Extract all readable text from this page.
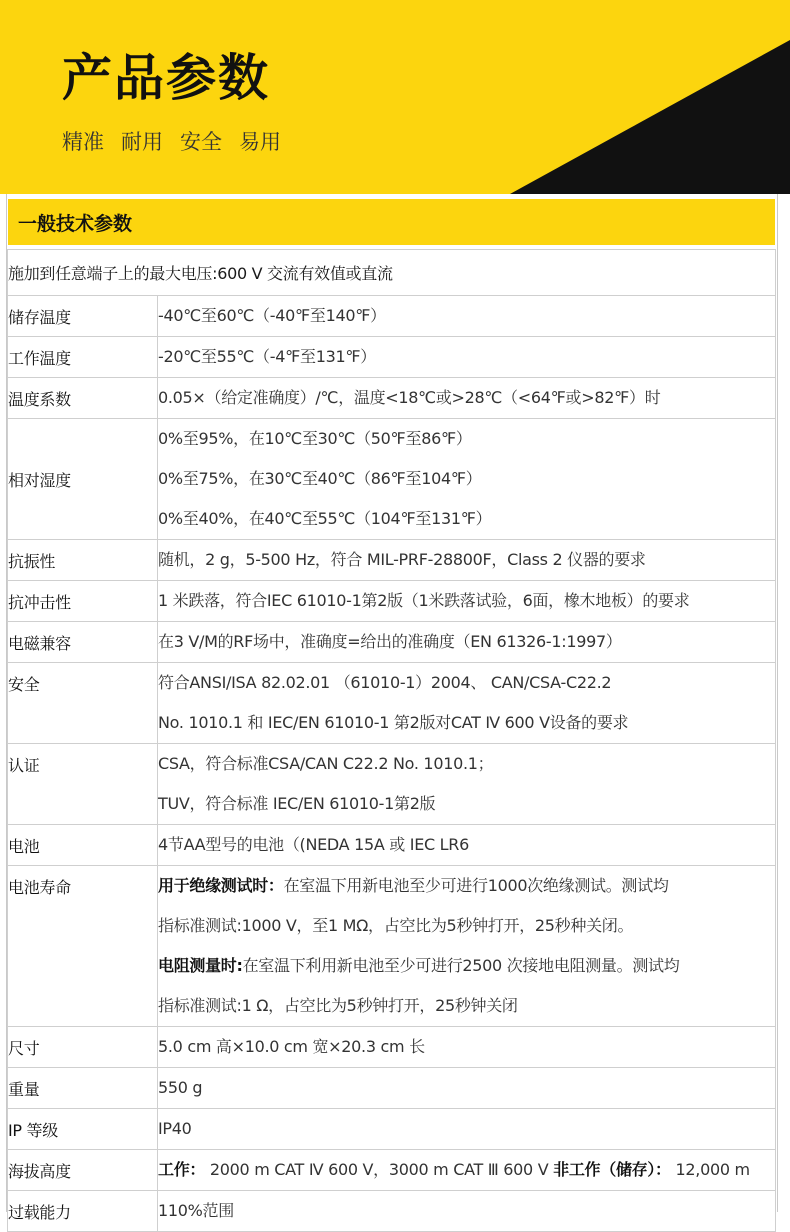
产品参数
精准 耐用 安全 易用
一般技术参数
施加到任意端子上的最大电压:600 V 交流有效值或直流	
储存温度	-40℃至60℃（-40℉至140℉）

工作温度	-20℃至55℃（-4℉至131℉）

温度系数	0.05×（给定准确度）/℃，温度<18℃或>28℃（<64℉或>82℉）时

相对湿度	0%至95%，在10℃至30℃（50℉至86℉）
0%至75%，在30℃至40℃（86℉至104℉）
0%至40%，在40℃至55℃（104℉至131℉）

抗振性	随机，2 g，5-500 Hz，符合 MIL-PRF-28800F，Class 2 仪器的要求

抗冲击性	1 米跌落，符合IEC 61010-1第2版（1米跌落试验，6面，橡木地板）的要求

电磁兼容	在3 V/M的RF场中，准确度=给出的准确度（EN 61326-1:1997）

安全	符合ANSI/ISA 82.02.01 （61010-1）2004、 CAN/CSA-C22.2
No. 1010.1 和 IEC/EN 61010-1 第2版对CAT Ⅳ 600 V设备的要求

认证	CSA，符合标准CSA/CAN C22.2 No. 1010.1；
TUV，符合标准 IEC/EN 61010-1第2版

电池	4节AA型号的电池（(NEDA 15A 或 IEC LR6

电池寿命	用于绝缘测试时：在室温下用新电池至少可进行1000次绝缘测试。测试均
指标准测试:1000 V，至1 MΩ，占空比为5秒钟打开，25秒种关闭。
电阻测量时:在室温下利用新电池至少可进行2500 次接地电阻测量。测试均
指标准测试:1 Ω，占空比为5秒钟打开，25秒钟关闭

尺寸	5.0 cm 高×10.0 cm 宽×20.3 cm 长

重量	550 g

IP 等级	IP40

海拔高度	工作： 2000 m CAT Ⅳ 600 V，3000 m CAT Ⅲ 600 V 非工作（储存）： 12,000 m

过载能力	110%范围
